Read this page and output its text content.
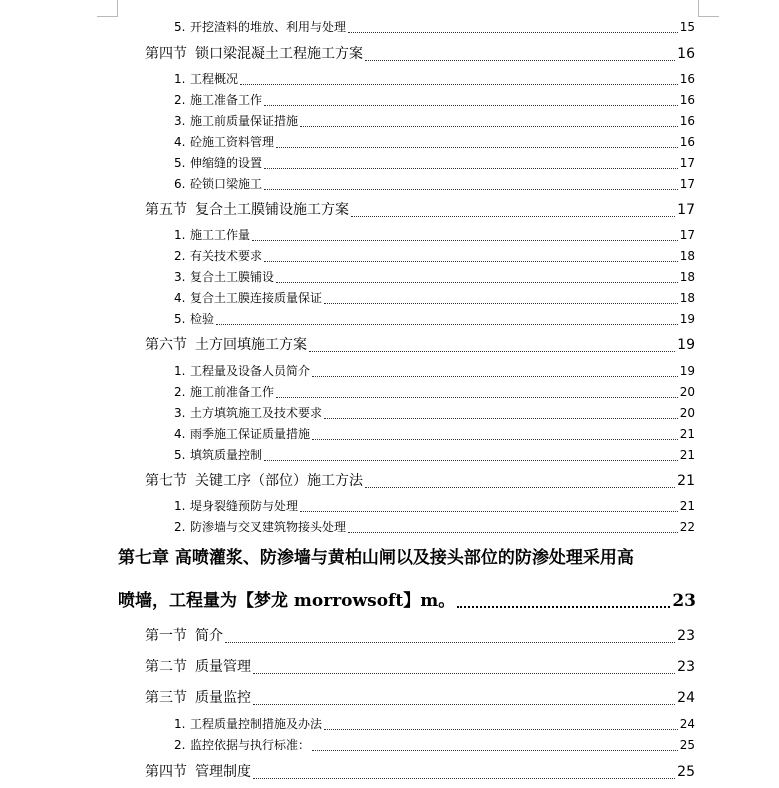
5. 开挖渣料的堆放、利用与处理	15
第四节 锁口梁混凝土工程施工方案	16
1. 工程概况	16
2. 施工准备工作	16
3. 施工前质量保证措施	16
4. 砼施工资料管理	16
5. 伸缩缝的设置	17
6. 砼锁口梁施工	17
第五节 复合土工膜铺设施工方案	17
1. 施工工作量	17
2. 有关技术要求	18
3. 复合土工膜铺设	18
4. 复合土工膜连接质量保证	18
5. 检验	19
第六节 土方回填施工方案	19
1. 工程量及设备人员简介	19
2. 施工前准备工作	20
3. 土方填筑施工及技术要求	20
4. 雨季施工保证质量措施	21
5. 填筑质量控制	21
第七节 关键工序（部位）施工方法	21
1. 堤身裂缝预防与处理	21
2. 防渗墙与交叉建筑物接头处理	22
第七章 高喷灌浆、防渗墙与黄柏山闸以及接头部位的防渗处理采用高
喷墙，工程量为【梦龙 morrowsoft】m。	23
第一节 简介	23
第二节 质量管理	23
第三节 质量监控	24
1. 工程质量控制措施及办法	24
2. 监控依据与执行标准：	25
第四节 管理制度	25
